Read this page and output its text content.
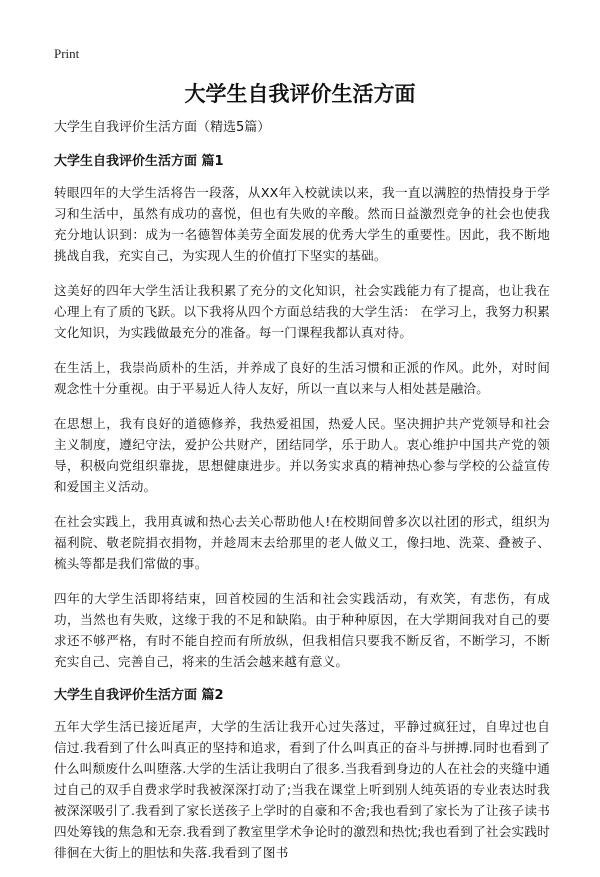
Print
大学生自我评价生活方面
大学生自我评价生活方面（精选5篇）
大学生自我评价生活方面 篇1

转眼四年的大学生活将告一段落，从XX年入校就读以来，我一直以满腔的热情投身于学习和生活中，虽然有成功的喜悦，但也有失败的辛酸。然而日益激烈竞争的社会也使我充分地认识到：成为一名德智体美劳全面发展的优秀大学生的重要性。因此，我不断地挑战自我，充实自己，为实现人生的价值打下坚实的基础。

这美好的四年大学生活让我积累了充分的文化知识，社会实践能力有了提高，也让我在心理上有了质的飞跃。以下我将从四个方面总结我的大学生活： 在学习上，我努力积累文化知识，为实践做最充分的准备。每一门课程我都认真对待。

在生活上，我崇尚质朴的生活，并养成了良好的生活习惯和正派的作风。此外，对时间观念性十分重视。由于平易近人待人友好，所以一直以来与人相处甚是融洽。

在思想上，我有良好的道德修养，我热爱祖国，热爱人民。坚决拥护共产党领导和社会主义制度，遵纪守法，爱护公共财产，团结同学，乐于助人。衷心维护中国共产党的领导，积极向党组织靠拢，思想健康进步。并以务实求真的精神热心参与学校的公益宣传和爱国主义活动。

在社会实践上，我用真诚和热心去关心帮助他人!在校期间曾多次以社团的形式，组织为福利院、敬老院捐衣捐物，并趁周末去给那里的老人做义工，像扫地、洗菜、叠被子、梳头等都是我们常做的事。

四年的大学生活即将结束，回首校园的生活和社会实践活动，有欢笑，有悲伤，有成功，当然也有失败，这缘于我的不足和缺陷。由于种种原因，在大学期间我对自己的要求还不够严格，有时不能自控而有所放纵，但我相信只要我不断反省，不断学习，不断充实自己、完善自己，将来的生活会越来越有意义。

大学生自我评价生活方面 篇2

五年大学生活已接近尾声，大学的生活让我开心过失落过，平静过疯狂过，自卑过也自信过.我看到了什么叫真正的坚持和追求，看到了什么叫真正的奋斗与拼搏.同时也看到了什么叫颓废什么叫堕落.大学的生活让我明白了很多.当我看到身边的人在社会的夹缝中通过自己的双手自费求学时我被深深打动了;当我在课堂上听到别人纯英语的专业表达时我被深深吸引了.我看到了家长送孩子上学时的自豪和不舍;我也看到了家长为了让孩子读书四处筹钱的焦急和无奈.我看到了教室里学术争论时的激烈和热忱;我也看到了社会实践时徘徊在大街上的胆怯和失落.我看到了图书
